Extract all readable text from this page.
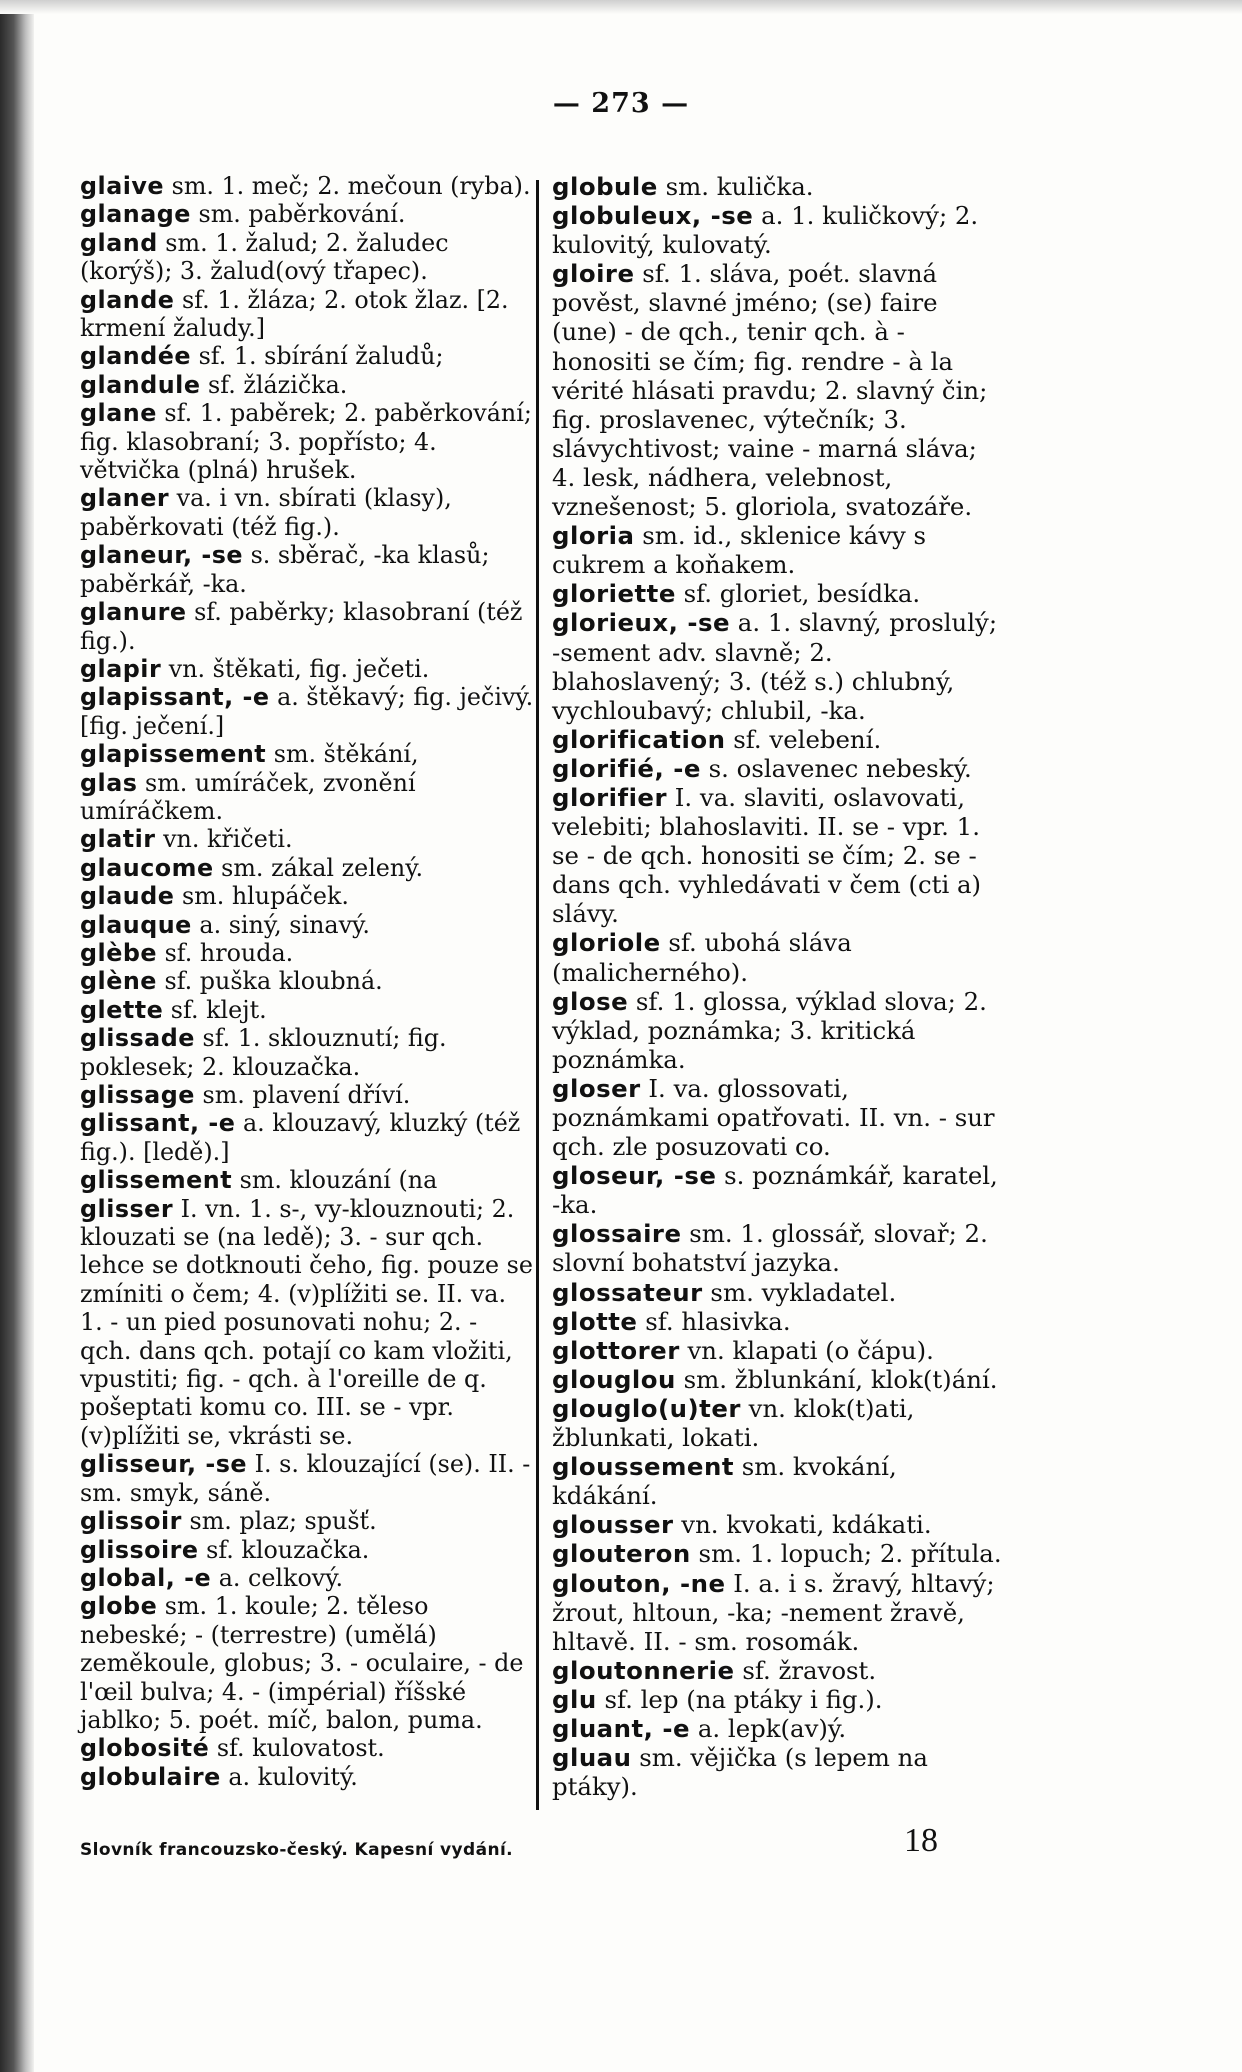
— 273 —

glaive sm. 1. meč; 2. mečoun (ryba).

glanage sm. paběrkování.

gland sm. 1. žalud; 2. žaludec (korýš); 3. žalud(ový třapec).

glande sf. 1. žláza; 2. otok žlaz. [2. krmení žaludy.]

glandée sf. 1. sbírání žaludů;

glandule sf. žlázička.

glane sf. 1. paběrek; 2. paběrkování; fig. klasobraní; 3. popřísto; 4. větvička (plná) hrušek.

glaner va. i vn. sbírati (klasy), paběrkovati (též fig.).

glaneur, -se s. sběrač, -ka klasů; paběrkář, -ka.

glanure sf. paběrky; klasobraní (též fig.).

glapir vn. štěkati, fig. ječeti.

glapissant, -e a. štěkavý; fig. ječivý. [fig. ječení.]

glapissement sm. štěkání,

glas sm. umíráček, zvonění umíráčkem.

glatir vn. křičeti.

glaucome sm. zákal zelený.

glaude sm. hlupáček.

glauque a. siný, sinavý.

glèbe sf. hrouda.

glène sf. puška kloubná.

glette sf. klejt.

glissade sf. 1. sklouznutí; fig. poklesek; 2. klouzačka.

glissage sm. plavení dříví.

glissant, -e a. klouzavý, kluzký (též fig.). [ledě).]

glissement sm. klouzání (na

glisser I. vn. 1. s-, vy-klouznouti; 2. klouzati se (na ledě); 3. - sur qch. lehce se dotknouti čeho, fig. pouze se zmíniti o čem; 4. (v)plížiti se. II. va. 1. - un pied posunovati nohu; 2. - qch. dans qch. potají co kam vložiti, vpustiti; fig. - qch. à l'oreille de q. pošeptati komu co. III. se - vpr. (v)plížiti se, vkrásti se.

glisseur, -se I. s. klouzající (se). II. - sm. smyk, sáně.

glissoir sm. plaz; spušť.

glissoire sf. klouzačka.

global, -e a. celkový.

globe sm. 1. koule; 2. těleso nebeské; - (terrestre) (umělá) zeměkoule, globus; 3. - oculaire, - de l'œil bulva; 4. - (impérial) říšské jablko; 5. poét. míč, balon, puma.

globosité sf. kulovatost.

globulaire a. kulovitý.

globule sm. kulička.

globuleux, -se a. 1. kuličkový; 2. kulovitý, kulovatý.

gloire sf. 1. sláva, poét. slavná pověst, slavné jméno; (se) faire (une) - de qch., tenir qch. à - honositi se čím; fig. rendre - à la vérité hlásati pravdu; 2. slavný čin; fig. proslavenec, výtečník; 3. slávychtivost; vaine - marná sláva; 4. lesk, nádhera, velebnost, vznešenost; 5. gloriola, svatozáře.

gloria sm. id., sklenice kávy s cukrem a koňakem.

gloriette sf. gloriet, besídka.

glorieux, -se a. 1. slavný, proslulý; -sement adv. slavně; 2. blahoslavený; 3. (též s.) chlubný, vychloubavý; chlubil, -ka.

glorification sf. velebení.

glorifié, -e s. oslavenec nebeský.

glorifier I. va. slaviti, oslavovati, velebiti; blahoslaviti. II. se - vpr. 1. se - de qch. honositi se čím; 2. se - dans qch. vyhledávati v čem (cti a) slávy.

gloriole sf. ubohá sláva (malicherného).

glose sf. 1. glossa, výklad slova; 2. výklad, poznámka; 3. kritická poznámka.

gloser I. va. glossovati, poznámkami opatřovati. II. vn. - sur qch. zle posuzovati co.

gloseur, -se s. poznámkář, karatel, -ka.

glossaire sm. 1. glossář, slovař; 2. slovní bohatství jazyka.

glossateur sm. vykladatel.

glotte sf. hlasivka.

glottorer vn. klapati (o čápu).

glouglou sm. žblunkání, klok(t)ání.

glouglo(u)ter vn. klok(t)ati, žblunkati, lokati.

gloussement sm. kvokání, kdákání.

glousser vn. kvokati, kdákati.

glouteron sm. 1. lopuch; 2. přítula.

glouton, -ne I. a. i s. žravý, hltavý; žrout, hltoun, -ka; -nement žravě, hltavě. II. - sm. rosomák.

gloutonnerie sf. žravost.

glu sf. lep (na ptáky i fig.).

gluant, -e a. lepk(av)ý.

gluau sm. vějička (s lepem na ptáky).

Slovník francouzsko-český. Kapesní vydání.	18
